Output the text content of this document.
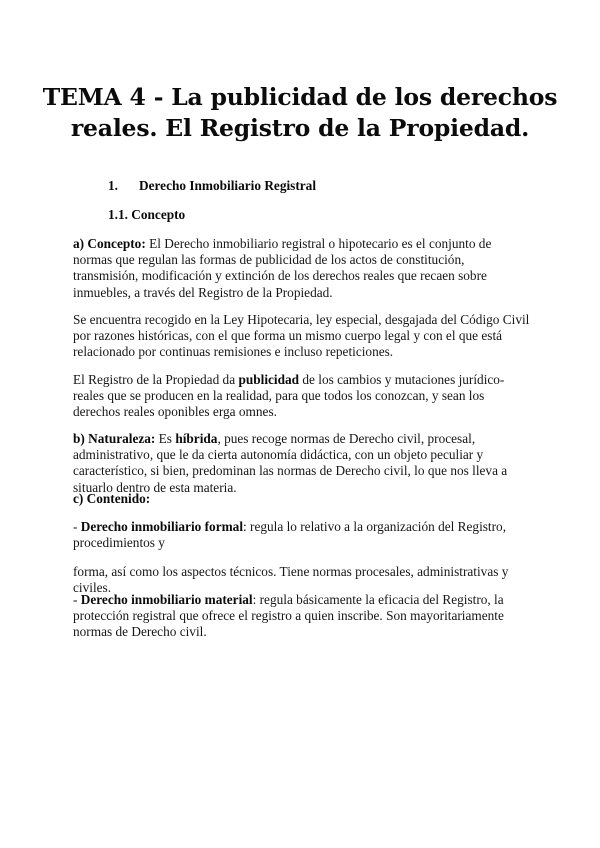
TEMA 4 - La publicidad de los derechos
reales. El Registro de la Propiedad.
1. Derecho Inmobiliario Registral
1.1. Concepto
a) Concepto: El Derecho inmobiliario registral o hipotecario es el conjunto de normas que regulan las formas de publicidad de los actos de constitución, transmisión, modificación y extinción de los derechos reales que recaen sobre inmuebles, a través del Registro de la Propiedad.
Se encuentra recogido en la Ley Hipotecaria, ley especial, desgajada del Código Civil por razones históricas, con el que forma un mismo cuerpo legal y con el que está relacionado por continuas remisiones e incluso repeticiones.
El Registro de la Propiedad da publicidad de los cambios y mutaciones jurídico-reales que se producen en la realidad, para que todos los conozcan, y sean los derechos reales oponibles erga omnes.
b) Naturaleza: Es híbrida, pues recoge normas de Derecho civil, procesal, administrativo, que le da cierta autonomía didáctica, con un objeto peculiar y característico, si bien, predominan las normas de Derecho civil, lo que nos lleva a situarlo dentro de esta materia.
c) Contenido:
- Derecho inmobiliario formal: regula lo relativo a la organización del Registro, procedimientos y
forma, así como los aspectos técnicos. Tiene normas procesales, administrativas y civiles.
- Derecho inmobiliario material: regula básicamente la eficacia del Registro, la protección registral que ofrece el registro a quien inscribe. Son mayoritariamente normas de Derecho civil.
